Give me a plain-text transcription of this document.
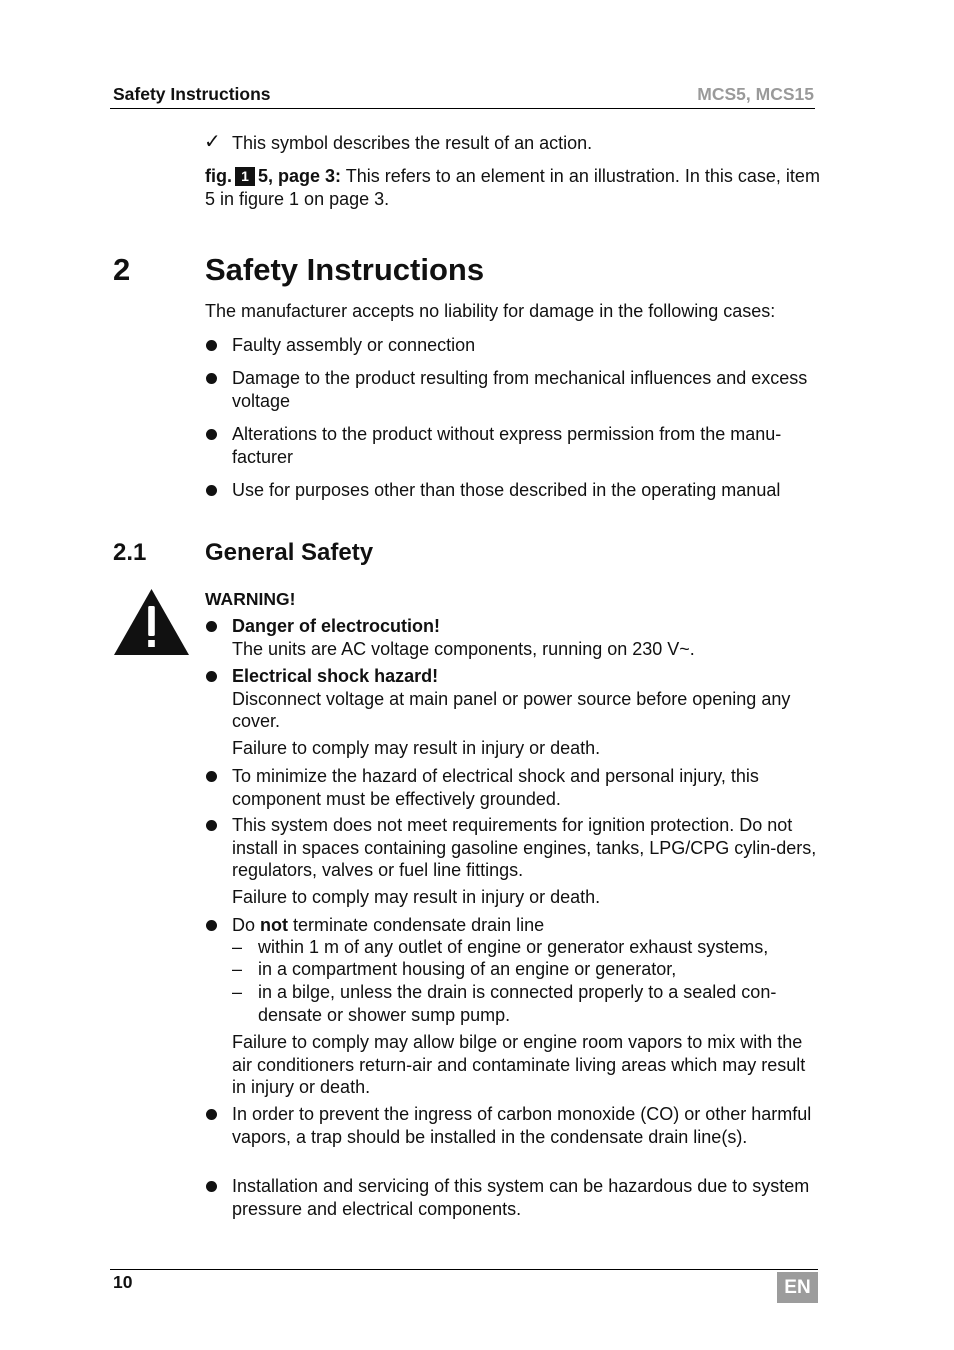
Safety Instructions	MCS5, MCS15
✓ This symbol describes the result of an action.
fig. 1 5, page 3: This refers to an element in an illustration. In this case, item 5 in figure 1 on page 3.
2 Safety Instructions
The manufacturer accepts no liability for damage in the following cases:
Faulty assembly or connection
Damage to the product resulting from mechanical influences and excess voltage
Alterations to the product without express permission from the manu-facturer
Use for purposes other than those described in the operating manual
2.1 General Safety
WARNING!
Danger of electrocution!
The units are AC voltage components, running on 230 V~.
Electrical shock hazard!
Disconnect voltage at main panel or power source before opening any cover.
Failure to comply may result in injury or death.
To minimize the hazard of electrical shock and personal injury, this component must be effectively grounded.
This system does not meet requirements for ignition protection. Do not install in spaces containing gasoline engines, tanks, LPG/CPG cylin-ders, regulators, valves or fuel line fittings.
Failure to comply may result in injury or death.
Do not terminate condensate drain line
– within 1 m of any outlet of engine or generator exhaust systems,
– in a compartment housing of an engine or generator,
– in a bilge, unless the drain is connected properly to a sealed con-densate or shower sump pump.
Failure to comply may allow bilge or engine room vapors to mix with the air conditioners return-air and contaminate living areas which may result in injury or death.
In order to prevent the ingress of carbon monoxide (CO) or other harmful vapors, a trap should be installed in the condensate drain line(s).
Installation and servicing of this system can be hazardous due to system pressure and electrical components.
10	EN
